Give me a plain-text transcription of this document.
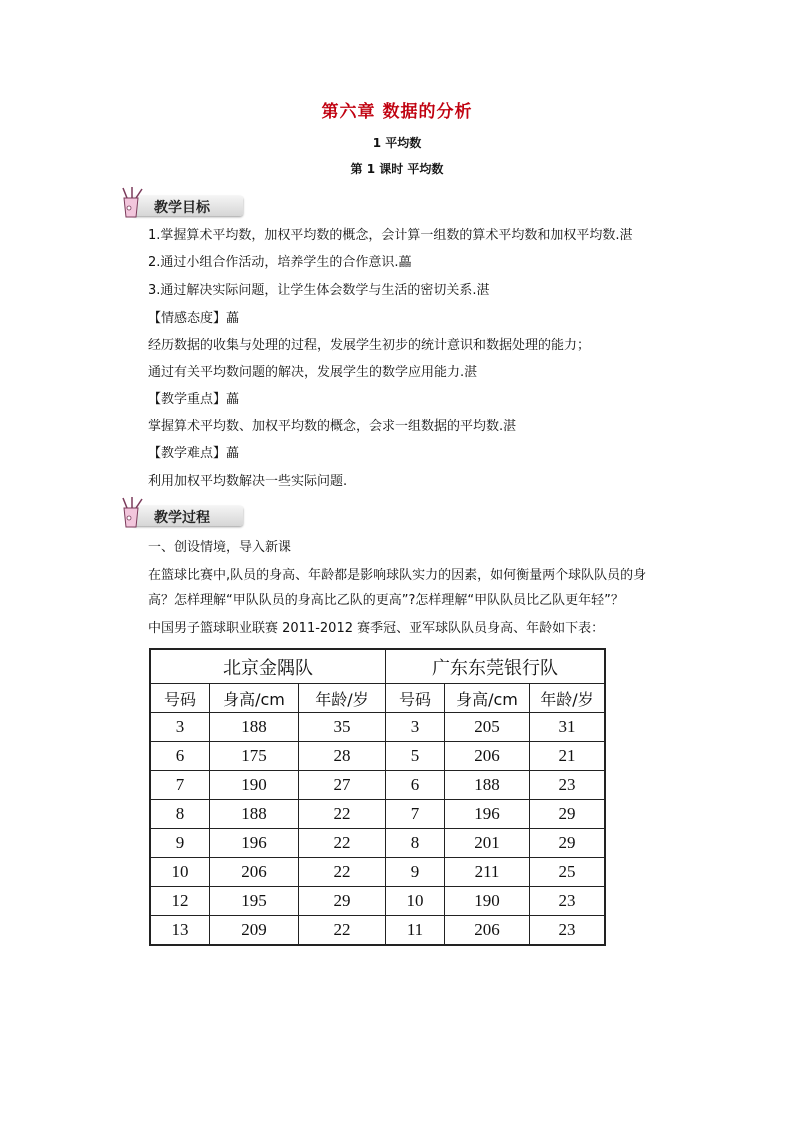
第六章 数据的分析
1 平均数
第 1 课时 平均数
教学目标
1.掌握算术平均数，加权平均数的概念，会计算一组数的算术平均数和加权平均数.湛
2.通过小组合作活动，培养学生的合作意识.藟
3.通过解决实际问题，让学生体会数学与生活的密切关系.湛
【情感态度】藟
经历数据的收集与处理的过程，发展学生初步的统计意识和数据处理的能力；
通过有关平均数问题的解决，发展学生的数学应用能力.湛
【教学重点】藟
掌握算术平均数、加权平均数的概念，会求一组数据的平均数.湛
【教学难点】藟
利用加权平均数解决一些实际问题.
教学过程
一、创设情境，导入新课
在篮球比赛中,队员的身高、年龄都是影响球队实力的因素，如何衡量两个球队队员的身高？怎样理解“甲队队员的身高比乙队的更高”?怎样理解“甲队队员比乙队更年轻”？
中国男子篮球职业联赛 2011-2012 赛季冠、亚军球队队员身高、年龄如下表：
北京金隅队			广东东莞银行队		
号码	身高/cm	年龄/岁	号码	身高/cm	年龄/岁
3	188	35	3	205	31
6	175	28	5	206	21
7	190	27	6	188	23
8	188	22	7	196	29
9	196	22	8	201	29
10	206	22	9	211	25
12	195	29	10	190	23
13	209	22	11	206	23
